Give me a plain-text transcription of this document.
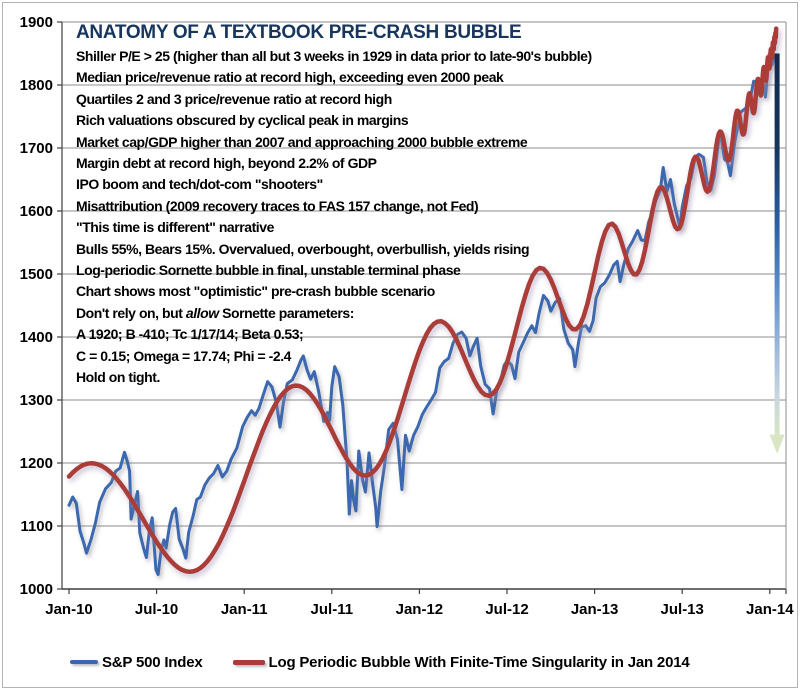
1000
1100
1200
1300
1400
1500
1600
1700
1800
1900
Jan-10	Jul-10	Jan-11	Jul-11	Jan-12	Jul-12	Jan-13	Jul-13	Jan-14
ANATOMY OF A TEXTBOOK PRE-CRASH BUBBLE
Shiller P/E > 25 (higher than all but 3 weeks in 1929 in data prior to late-90's bubble)
Median price/revenue ratio at record high, exceeding even 2000 peak
Quartiles 2 and 3 price/revenue ratio at record high
Rich valuations obscured by cyclical peak in margins
Market cap/GDP higher than 2007 and approaching 2000 bubble extreme
Margin debt at record high, beyond 2.2% of GDP
IPO boom and tech/dot-com "shooters"
Misattribution (2009 recovery traces to FAS 157 change, not Fed)
"This time is different" narrative
Bulls 55%, Bears 15%. Overvalued, overbought, overbullish, yields rising
Log-periodic Sornette bubble in final, unstable terminal phase
Chart shows most "optimistic" pre-crash bubble scenario
Don't rely on, but allow Sornette parameters:
A 1920; B -410; Tc 1/17/14; Beta 0.53;
C = 0.15; Omega = 17.74; Phi = -2.4
Hold on tight.
S&P 500 Index	Log Periodic Bubble With Finite-Time Singularity in Jan 2014
